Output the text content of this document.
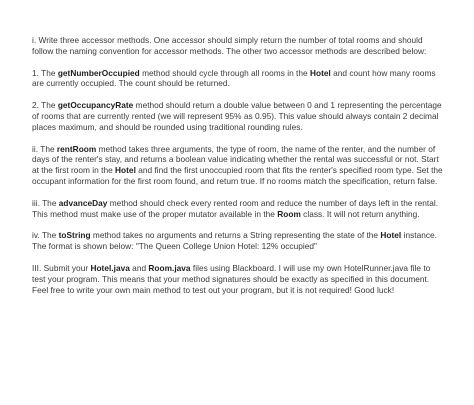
i. Write three accessor methods. One accessor should simply return the number of total rooms and should follow the naming convention for accessor methods. The other two accessor methods are described below:

1. The getNumberOccupied method should cycle through all rooms in the Hotel and count how many rooms are currently occupied. The count should be returned.

2. The getOccupancyRate method should return a double value between 0 and 1 representing the percentage of rooms that are currently rented (we will represent 95% as 0.95). This value should always contain 2 decimal places maximum, and should be rounded using traditional rounding rules.

ii. The rentRoom method takes three arguments, the type of room, the name of the renter, and the number of days of the renter's stay, and returns a boolean value indicating whether the rental was successful or not. Start at the first room in the Hotel and find the first unoccupied room that fits the renter's specified room type. Set the occupant information for the first room found, and return true. If no rooms match the specification, return false.

iii. The advanceDay method should check every rented room and reduce the number of days left in the rental. This method must make use of the proper mutator available in the Room class. It will not return anything.

iv. The toString method takes no arguments and returns a String representing the state of the Hotel instance. The format is shown below: "The Queen College Union Hotel: 12% occupied"

III. Submit your Hotel.java and Room.java files using Blackboard. I will use my own HotelRunner.java file to test your program. This means that your method signatures should be exactly as specified in this document. Feel free to write your own main method to test out your program, but it is not required! Good luck!
